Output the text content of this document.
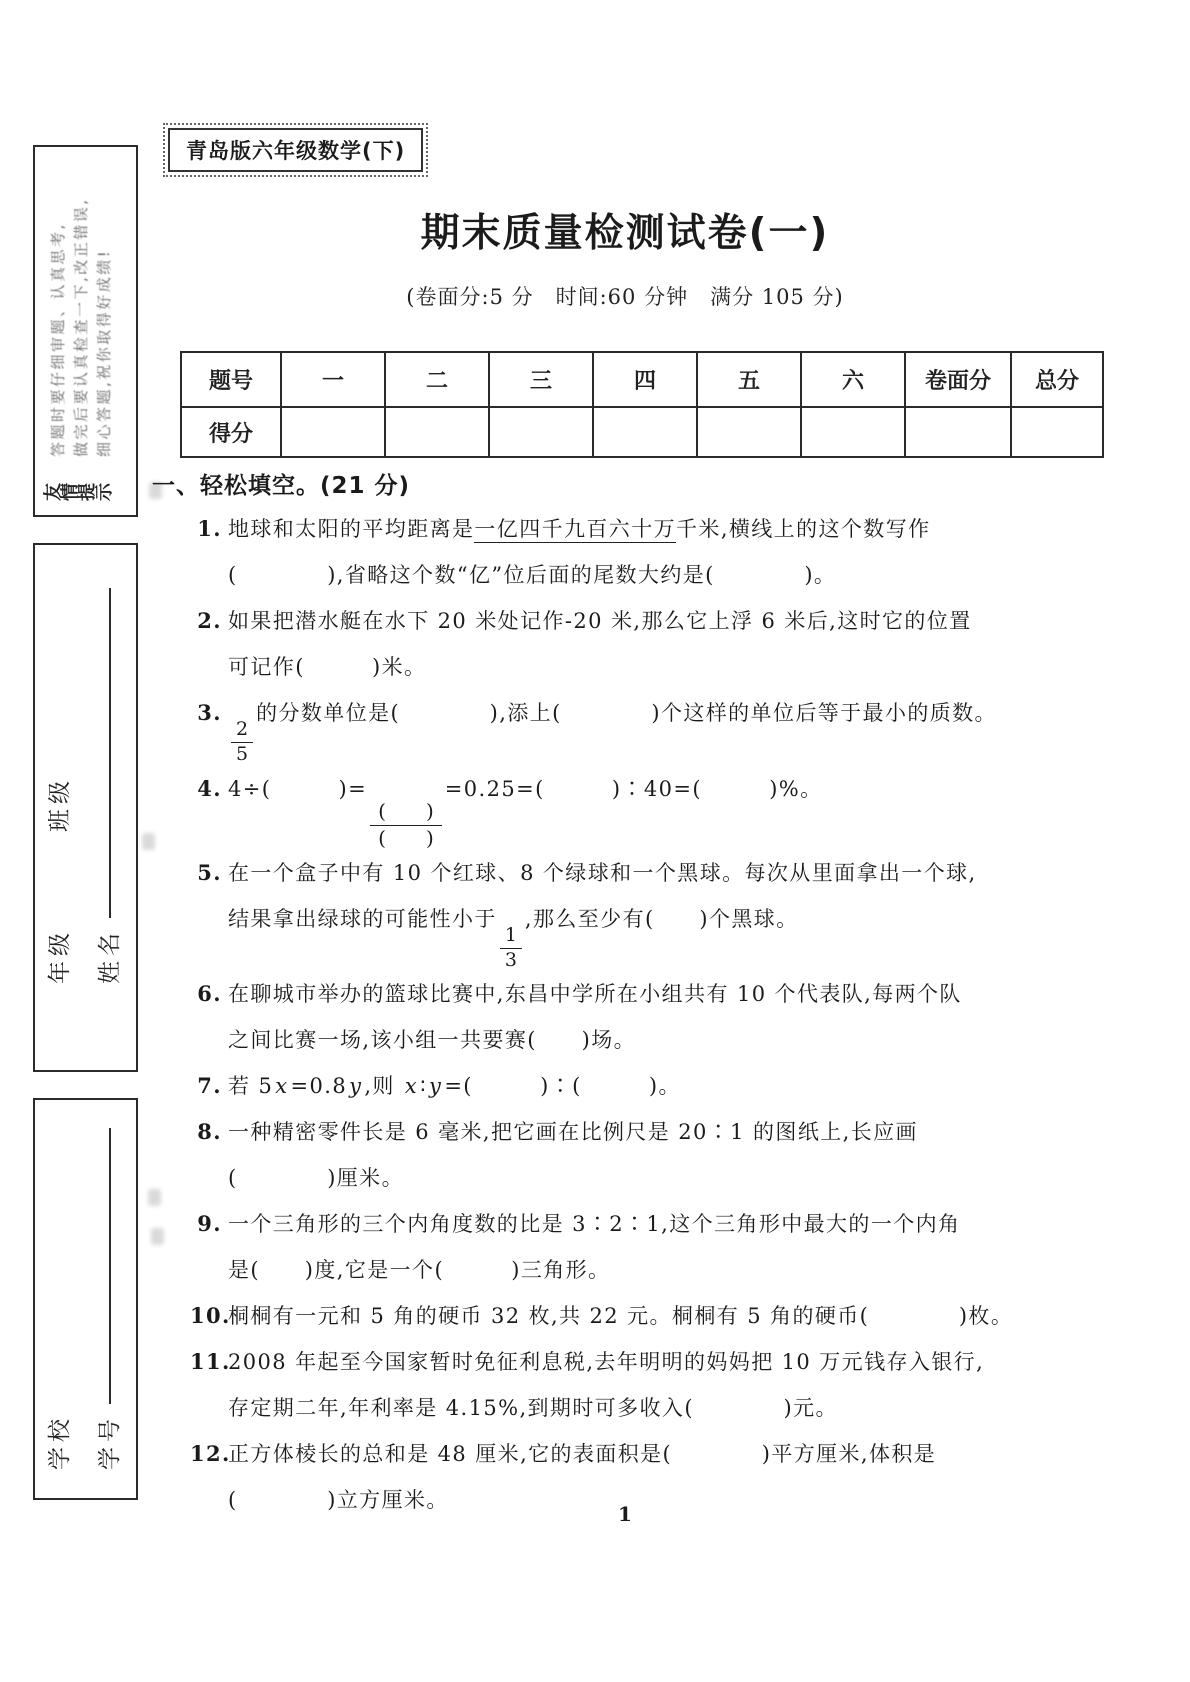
友情提示
答题时要仔细审题、认真思考, 做完后要认真检查一下,改正错误, 细心答题,祝你取得好成绩!
年级班级
姓名
学校	学号
青岛版六年级数学(下)
期末质量检测试卷(一)
(卷面分:5 分　时间:60 分钟　满分 105 分)
题号	一	二	三	四	五	六	卷面分	总分
得分								
一、轻松填空。(21 分)
1. 地球和太阳的平均距离是一亿四千九百六十万千米,横线上的这个数写作
(　　　　),省略这个数“亿”位后面的尾数大约是(　　　　)。
2. 如果把潜水艇在水下 20 米处记作-20 米,那么它上浮 6 米后,这时它的位置
可记作(　　　)米。
3.
$\frac{2}{5}$
的分数单位是(　　　　),添上(　　　　)个这样的单位后等于最小的质数。
4. 4÷(　　　)=
$\frac{( )}{( )}$
=0.25=(　　　)∶40=(　　　)%。
5. 在一个盒子中有 10 个红球、8 个绿球和一个黑球。每次从里面拿出一个球,
结果拿出绿球的可能性小于
$\frac{1}{3}$
,那么至少有(　　)个黑球。
6. 在聊城市举办的篮球比赛中,东昌中学所在小组共有 10 个代表队,每两个队
之间比赛一场,该小组一共要赛(　　)场。
7. 若 5x=0.8y,则 x∶y=(　　　)∶(　　　)。
8. 一种精密零件长是 6 毫米,把它画在比例尺是 20∶1 的图纸上,长应画
(　　　　)厘米。
9. 一个三角形的三个内角度数的比是 3∶2∶1,这个三角形中最大的一个内角
是(　　)度,它是一个(　　　)三角形。
10.
桐桐有一元和 5 角的硬币 32 枚,共 22 元。桐桐有 5 角的硬币(　　　　)枚。
11.
2008 年起至今国家暂时免征利息税,去年明明的妈妈把 10 万元钱存入银行,
存定期二年,年利率是 4.15%,到期时可多收入(　　　　)元。
12.
正方体棱长的总和是 48 厘米,它的表面积是(　　　　)平方厘米,体积是
(　　　　)立方厘米。
1
